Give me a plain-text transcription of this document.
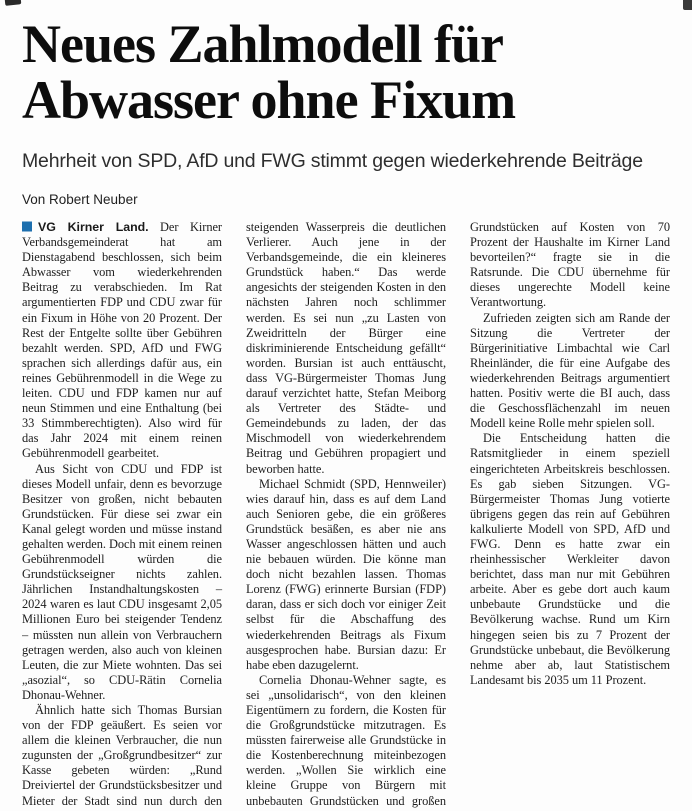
Neues Zahlmodell für Abwasser ohne Fixum
Mehrheit von SPD, AfD und FWG stimmt gegen wiederkehrende Beiträge

Von Robert Neuber

VG Kirner Land. Der Kirner Verbandsgemeinderat hat am Dienstagabend beschlossen, sich beim Abwasser vom wiederkehrenden Beitrag zu verabschieden. Im Rat argumentierten FDP und CDU zwar für ein Fixum in Höhe von 20 Prozent. Der Rest der Entgelte sollte über Gebühren bezahlt werden. SPD, AfD und FWG sprachen sich allerdings dafür aus, ein reines Gebührenmodell in die Wege zu leiten. CDU und FDP kamen nur auf neun Stimmen und eine Enthaltung (bei 33 Stimmberechtigten). Also wird für das Jahr 2024 mit einem reinen Gebührenmodell gearbeitet.

Aus Sicht von CDU und FDP ist dieses Modell unfair, denn es bevorzuge Besitzer von großen, nicht bebauten Grundstücken. Für diese sei zwar ein Kanal gelegt worden und müsse instand gehalten werden. Doch mit einem reinen Gebührenmodell würden die Grundstückseigner nichts zahlen. Jährlichen Instandhaltungskosten – 2024 waren es laut CDU insgesamt 2,05 Millionen Euro bei steigender Tendenz – müssten nun allein von Verbrauchern getragen werden, also auch von kleinen Leuten, die zur Miete wohnten. Das sei „asozial“, so CDU-Rätin Cornelia Dhonau-Wehner.

Ähnlich hatte sich Thomas Bursian von der FDP geäußert. Es seien vor allem die kleinen Verbraucher, die nun zugunsten der „Großgrundbesitzer“ zur Kasse gebeten würden: „Rund Dreiviertel der Grundstücksbesitzer und Mieter der Stadt sind nun durch den steigenden Wasserpreis die deutlichen Verlierer. Auch jene in der Verbandsgemeinde, die ein kleineres Grundstück haben.“ Das werde angesichts der steigenden Kosten in den nächsten Jahren noch schlimmer werden. Es sei nun „zu Lasten von Zweidritteln der Bürger eine diskriminierende Entscheidung gefällt“ worden. Bursian ist auch enttäuscht, dass VG-Bürgermeister Thomas Jung darauf verzichtet hatte, Stefan Meiborg als Vertreter des Städte- und Gemeindebunds zu laden, der das Mischmodell von wiederkehrendem Beitrag und Gebühren propagiert und beworben hatte.

Michael Schmidt (SPD, Hennweiler) wies darauf hin, dass es auf dem Land auch Senioren gebe, die ein größeres Grundstück besäßen, es aber nie ans Wasser angeschlossen hätten und auch nie bebauen würden. Die könne man doch nicht bezahlen lassen. Thomas Lorenz (FWG) erinnerte Bursian (FDP) daran, dass er sich doch vor einiger Zeit selbst für die Abschaffung des wiederkehrenden Beitrags als Fixum ausgesprochen habe. Bursian dazu: Er habe eben dazugelernt.

Cornelia Dhonau-Wehner sagte, es sei „unsolidarisch“, von den kleinen Eigentümern zu fordern, die Kosten für die Großgrundstücke mitzutragen. Es müssten fairerweise alle Grundstücke in die Kostenberechnung miteinbezogen werden. „Wollen Sie wirklich eine kleine Gruppe von Bürgern mit unbebauten Grundstücken und großen Grundstücken auf Kosten von 70 Prozent der Haushalte im Kirner Land bevorteilen?“ fragte sie in die Ratsrunde. Die CDU übernehme für dieses ungerechte Modell keine Verantwortung.

Zufrieden zeigten sich am Rande der Sitzung die Vertreter der Bürgerinitiative Limbachtal wie Carl Rheinländer, die für eine Aufgabe des wiederkehrenden Beitrags argumentiert hatten. Positiv werte die BI auch, dass die Geschossflächenzahl im neuen Modell keine Rolle mehr spielen soll.

Die Entscheidung hatten die Ratsmitglieder in einem speziell eingerichteten Arbeitskreis beschlossen. Es gab sieben Sitzungen. VG-Bürgermeister Thomas Jung votierte übrigens gegen das rein auf Gebühren kalkulierte Modell von SPD, AfD und FWG. Denn es hatte zwar ein rheinhessischer Werkleiter davon berichtet, dass man nur mit Gebühren arbeite. Aber es gebe dort auch kaum unbebaute Grundstücke und die Bevölkerung wachse. Rund um Kirn hingegen seien bis zu 7 Prozent der Grundstücke unbebaut, die Bevölkerung nehme aber ab, laut Statistischem Landesamt bis 2035 um 11 Prozent.
